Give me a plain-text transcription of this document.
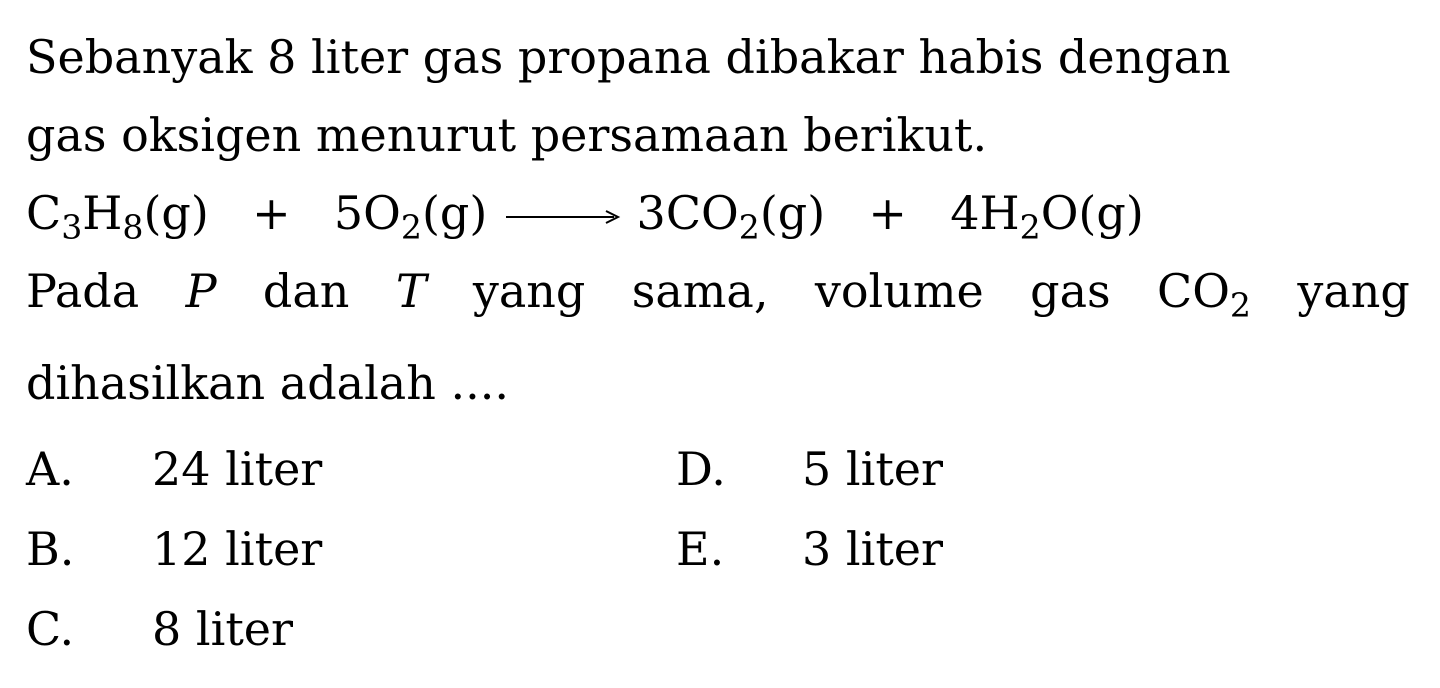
Sebanyak 8 liter gas propana dibakar habis dengan
gas oksigen menurut persamaan berikut.
$C_3H_8(g) + 5O_2(g) \to 3CO_2(g) + 4H_2O(g)$
Pada P dan T yang sama, volume gas $CO_2$ yang
dihasilkan adalah ....
A. 24 liter
B. 12 liter
C. 8 liter
D. 5 liter
E. 3 liter
